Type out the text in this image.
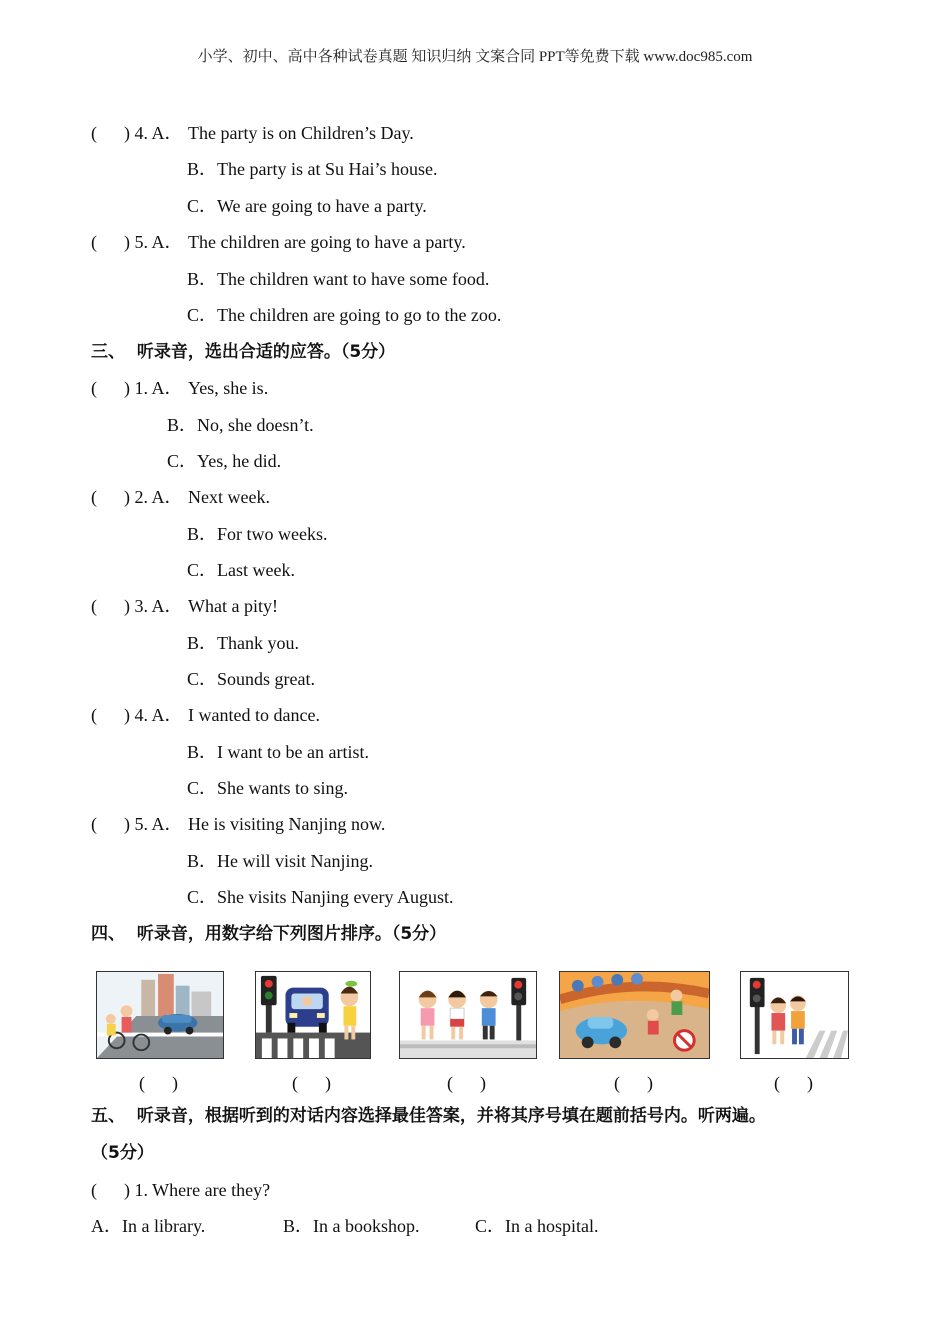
小学、初中、高中各种试卷真题 知识归纳 文案合同 PPT等免费下载 www.doc985.com
(      ) 4. A． The party is on Children’s Day.
B．The party is at Su Hai’s house.
C．We are going to have a party.
(      ) 5. A． The children are going to have a party.
B．The children want to have some food.
C．The children are going to go to the zoo.
三、  听录音，选出合适的应答。（5分）
(      ) 1. A． Yes, she is.
B．No, she doesn’t.
C．Yes, he did.
(      ) 2. A． Next week.
B．For two weeks.
C．Last week.
(      ) 3. A． What a pity!
B．Thank you.
C．Sounds great.
(      ) 4. A． I wanted to dance.
B．I want to be an artist.
C．She wants to sing.
(      ) 5. A． He is visiting Nanjing now.
B．He will visit Nanjing.
C．She visits Nanjing every August.
四、  听录音，用数字给下列图片排序。（5分）
(      )	(      )	(      )	(      )	(      )
五、  听录音，根据听到的对话内容选择最佳答案，并将其序号填在题前括号内。听两遍。
（5分）
(      ) 1. Where are they?
A．In a library.	B．In a bookshop.	C．In a hospital.
